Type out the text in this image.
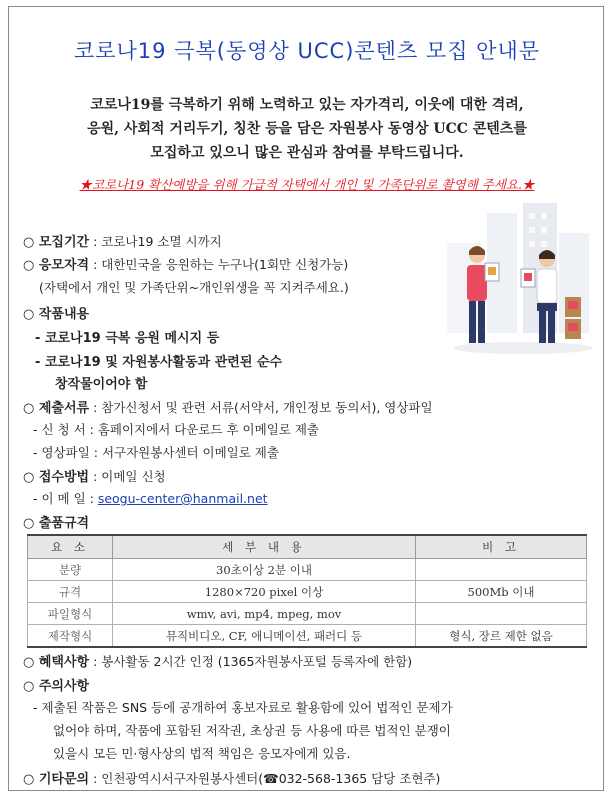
코로나19 극복(동영상 UCC)콘텐츠 모집 안내문
코로나19를 극복하기 위해 노력하고 있는 자가격리, 이웃에 대한 격려,
응원, 사회적 거리두기, 칭찬 등을 담은 자원봉사 동영상 UCC 콘텐츠를
모집하고 있으니 많은 관심과 참여를 부탁드립니다.
★코로나19 확산예방을 위해 가급적 자택에서 개인 및 가족단위로 촬영해 주세요.★
○ 모집기간 : 코로나19 소멸 시까지
○ 응모자격 : 대한민국을 응원하는 누구나(1회만 신청가능)
(자택에서 개인 및 가족단위~개인위생을 꼭 지켜주세요.)
○ 작품내용
- 코로나19 극복 응원 메시지 등
- 코로나19 및 자원봉사활동과 관련된 순수
창작물이어야 함
○ 제출서류 : 참가신청서 및 관련 서류(서약서, 개인정보 동의서), 영상파일
- 신 청 서 : 홈페이지에서 다운로드 후 이메일로 제출
- 영상파일 : 서구자원봉사센터 이메일로 제출
○ 접수방법 : 이메일 신청
- 이 메 일 : seogu-center@hanmail.net
○ 출품규격
요 소	세 부 내 용	비 고
분량	30초이상 2분 이내	
규격	1280×720 pixel 이상	500Mb 이내
파일형식	wmv, avi, mp4, mpeg, mov	
제작형식	뮤직비디오, CF, 애니메이션, 패러디 등	형식, 장르 제한 없음
○ 혜택사항 : 봉사활동 2시간 인정 (1365자원봉사포털 등록자에 한함)
○ 주의사항
- 제출된 작품은 SNS 등에 공개하여 홍보자료로 활용함에 있어 법적인 문제가
없어야 하며, 작품에 포함된 저작권, 초상권 등 사용에 따른 법적인 분쟁이
있을시 모든 민·형사상의 법적 책임은 응모자에게 있음.
○ 기타문의 : 인천광역시서구자원봉사센터(☎032-568-1365 담당 조현주)
